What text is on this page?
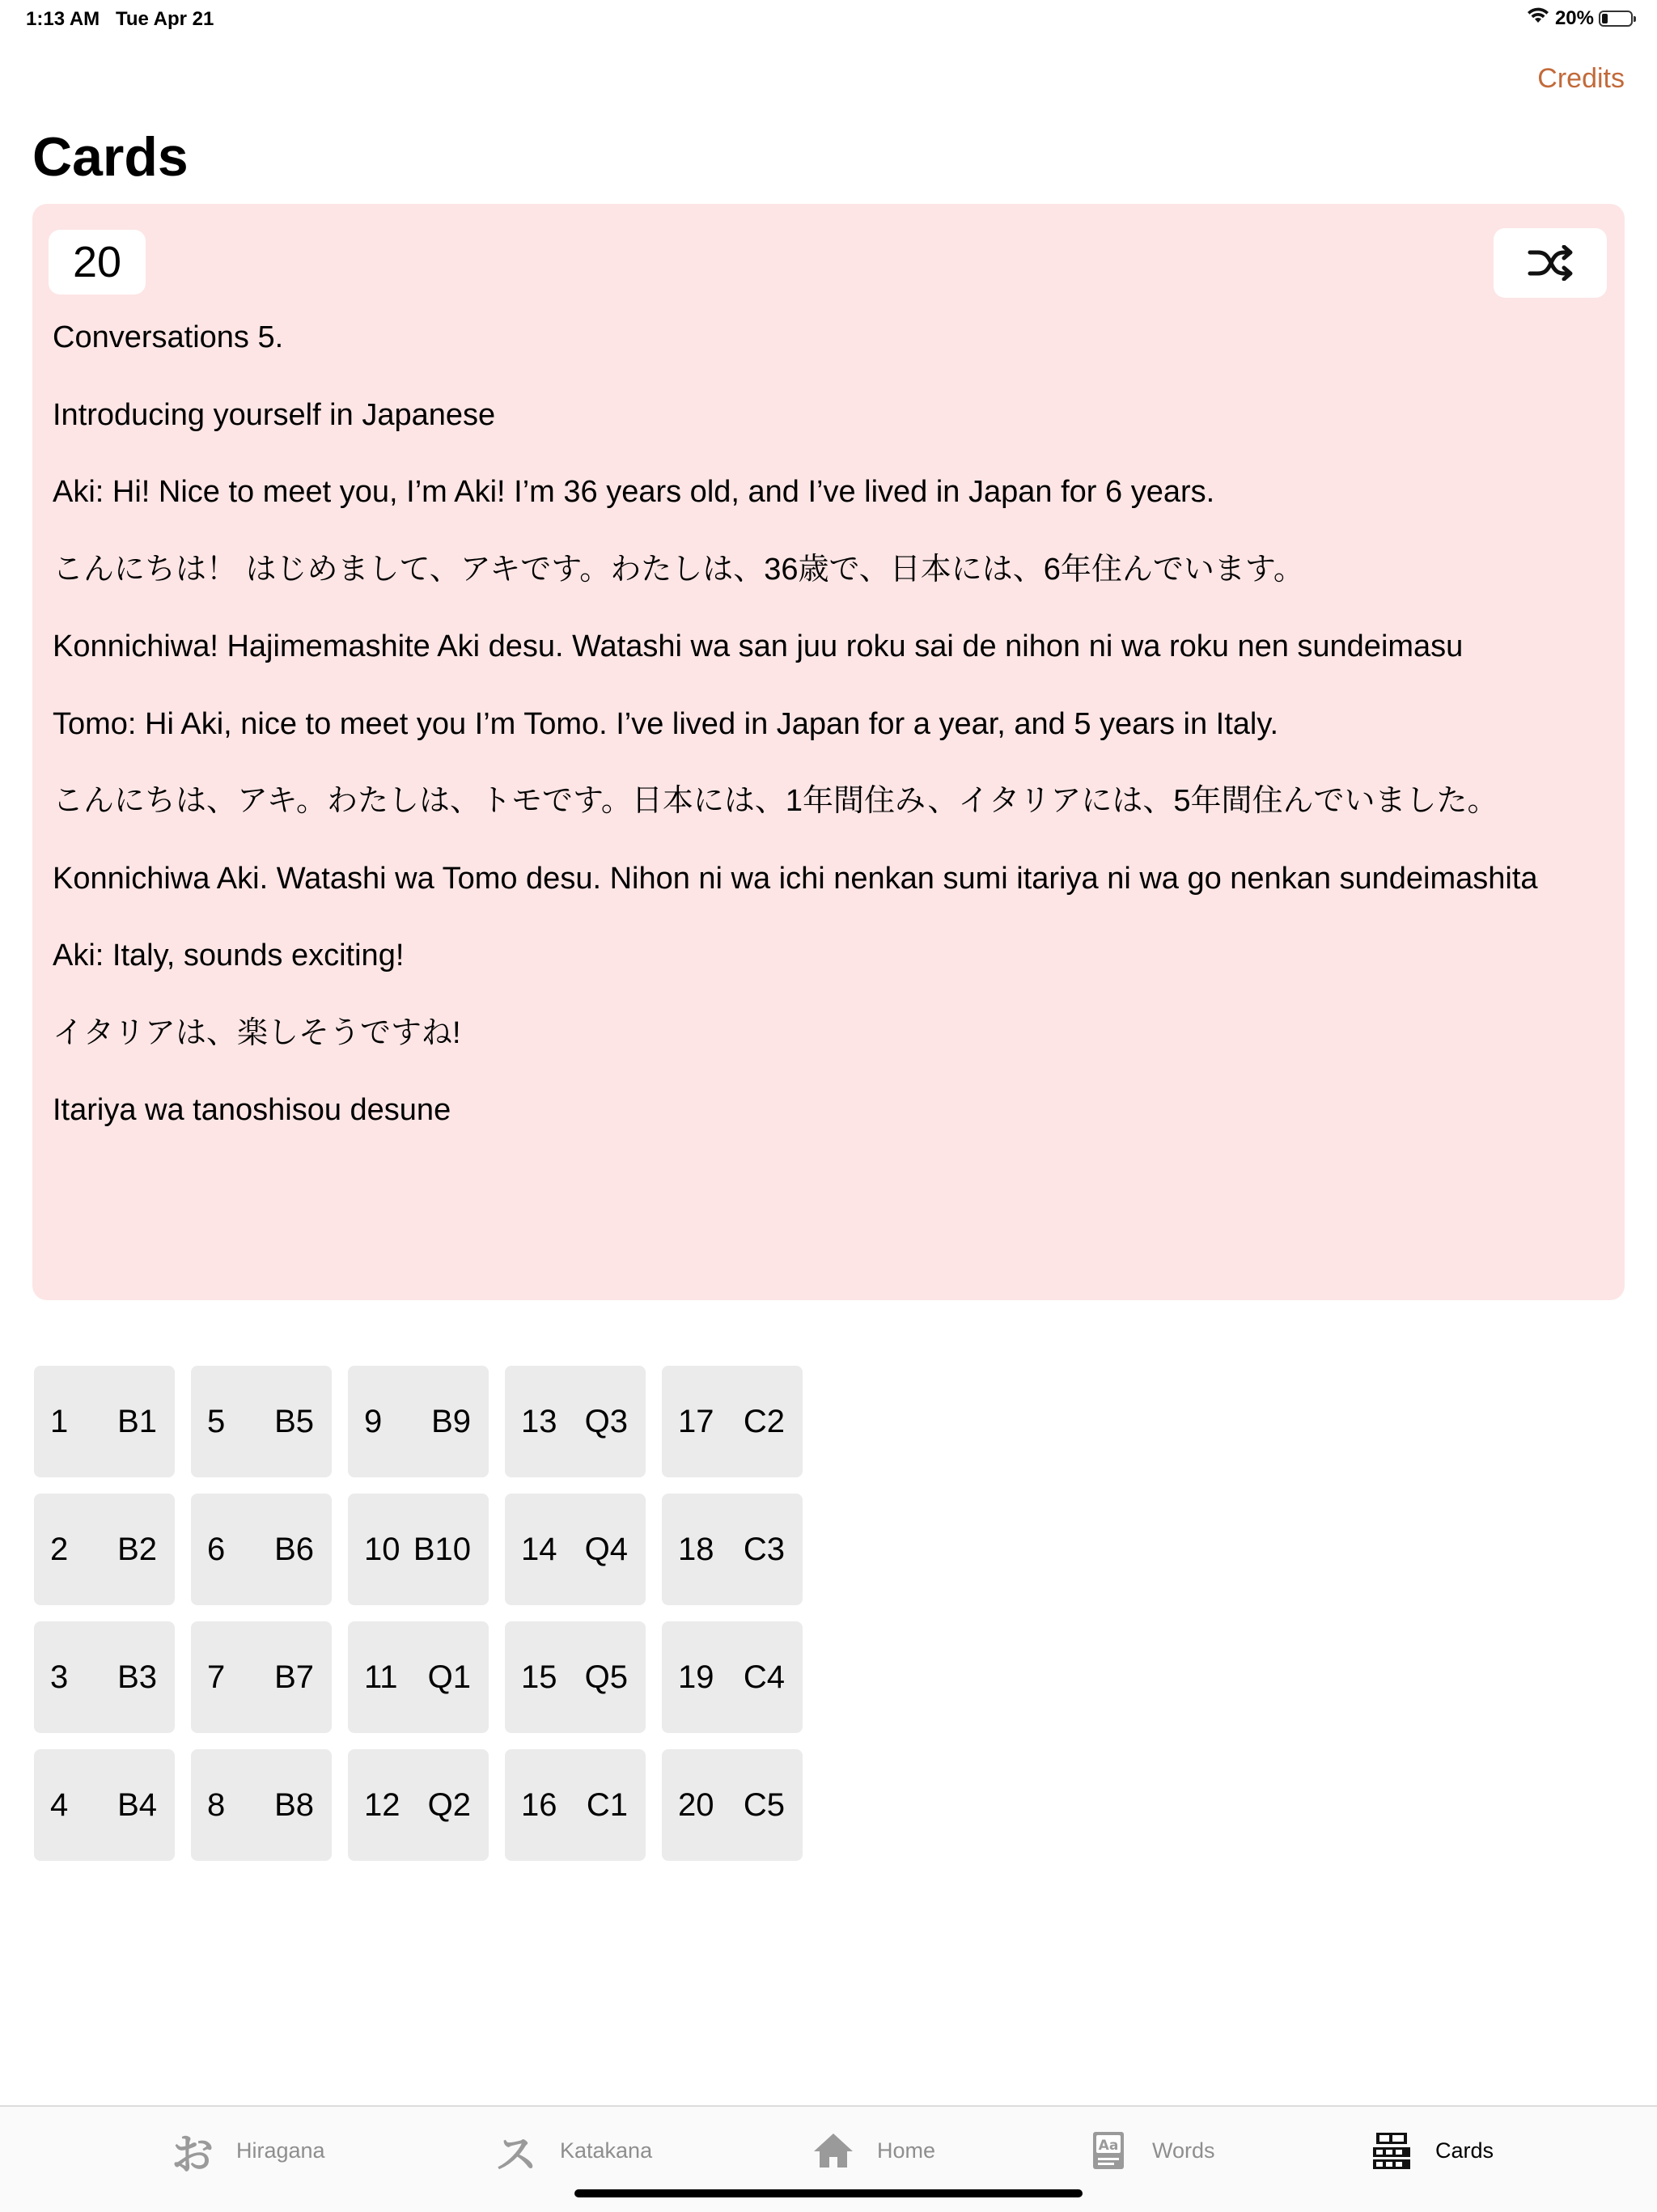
1:13 AM Tue Apr 21	20%
Credits
Cards
20
Conversations 5.
Introducing yourself in Japanese
Aki: Hi! Nice to meet you, I’m Aki! I’m 36 years old, and I’ve lived in Japan for 6 years.
こんにちは！ はじめまして、アキです。わたしは、36歳で、日本には、6年住んでいます。
Konnichiwa! Hajimemashite Aki desu. Watashi wa san juu roku sai de nihon ni wa roku nen sundeimasu
Tomo: Hi Aki, nice to meet you I’m Tomo. I’ve lived in Japan for a year, and 5 years in Italy.
こんにちは、アキ。わたしは、トモです。日本には、1年間住み、イタリアには、5年間住んでいました。
Konnichiwa Aki. Watashi wa Tomo desu. Nihon ni wa ichi nenkan sumi itariya ni wa go nenkan sundeimashita
Aki: Italy, sounds exciting!
イタリアは、楽しそうですね!
Itariya wa tanoshisou desune
1 B1
2 B2
3 B3
4 B4
5 B5
6 B6
7 B7
8 B8
9 B9
10 B10
11 Q1
12 Q2
13 Q3
14 Q4
15 Q5
16 C1
17 C2
18 C3
19 C4
20 C5
お Hiragana	ス Katakana	Home	Aa Words	Cards
